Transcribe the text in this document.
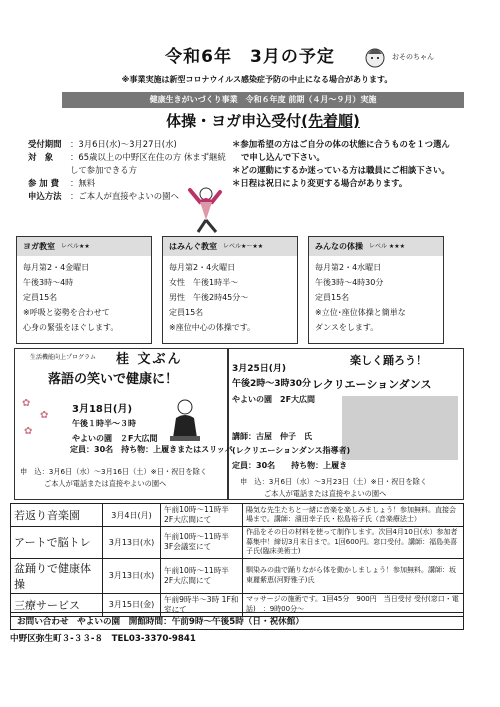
令和6年　3月の予定	おそのちゃん
※事業実施は新型コロナウイルス感染症予防の中止になる場合があります。
健康生きがいづくり事業　令和６年度 前期（４月～９月）実施
体操・ヨガ申込受付(先着順)
受付期間	：3月6日(水)～3月27日(水)
対　象	：65歳以上の中野区在住の方 休まず継続して参加できる方
参 加 費	：無料
申込方法	：ご本人が直接やよいの園へ
＊参加希望の方はご自分の体の状態に合うものを１つ選んで申し込んで下さい。
＊どの運動にするか迷っている方は職員にご相談下さい。
＊日程は祝日により変更する場合があります。
ヨガ教室 レベル★★
毎月第2・4金曜日
午後3時～4時
定員15名
※呼吸と姿勢を合わせて
心身の緊張をほぐします。
はみんぐ教室 レベル★～★★
毎月第2・4火曜日
女性　午後1時半～
男性　午後2時45分～
定員15名
※座位中心の体操です。
みんなの体操 レベル ★★★
毎月第2・4水曜日
午後3時～4時30分
定員15名
※立位･座位体操と簡単な
ダンスをします。
生活機能向上プログラム 桂 文ぶん
落語の笑いで健康に！
✿
✿
✿
3月18日(月)
午後１時半～３時
やよいの園　２F大広間
定員：30名　持ち物：上履きまたはスリッパ
申　込：3月6日（水）～3月16日（土）※日・祝日を除く
ご本人が電話または直接やよいの園へ
楽しく踊ろう！
3月25日(月)
午後2時～3時30分
やよいの園　2F大広間
レクリエーションダンス
講師：古屋　仲子　氏
(レクリエーションダンス指導者)
定員：30名　　持ち物：上履き
申　込：3月6日（水）～3月23日（土）※日・祝日を除く
ご本人が電話または直接やよいの園へ
若返り音楽園	3月4日(月)	午前10時～11時半 2F大広間にて	陽気な先生たちと一緒に音楽を楽しみましょう！参加無料。直接会場まで。講師：濱田幸子氏・松島裕子氏（音楽療法士）
アートで脳トレ	3月13日(水)	午前10時～11時半 3F会議室にて	作品をその日の材料を使って制作します。次回4月10日(水）参加者募集中！締切3月末日まで。1回600円。窓口受付。講師：福島美喜子氏(臨床美術士)
盆踊りで健康体操	3月13日(水)	午前10時～11時半 2F大広間にて	馴染みの曲で踊りながら体を動かしましょう！参加無料。講師：坂東麗紫恵(河野雅子)氏
三療サービス	3月15日(金)	午前9時半～3時 1F和室にて	マッサージの施術です。1回45分　900円　当日受付 受付(窓口・電話)　：9時00分～
お問い合わせ　やよいの園　開館時間：午前9時～午後5時（日・祝休館）
中野区弥生町３-３３-８　TEL03-3370-9841
